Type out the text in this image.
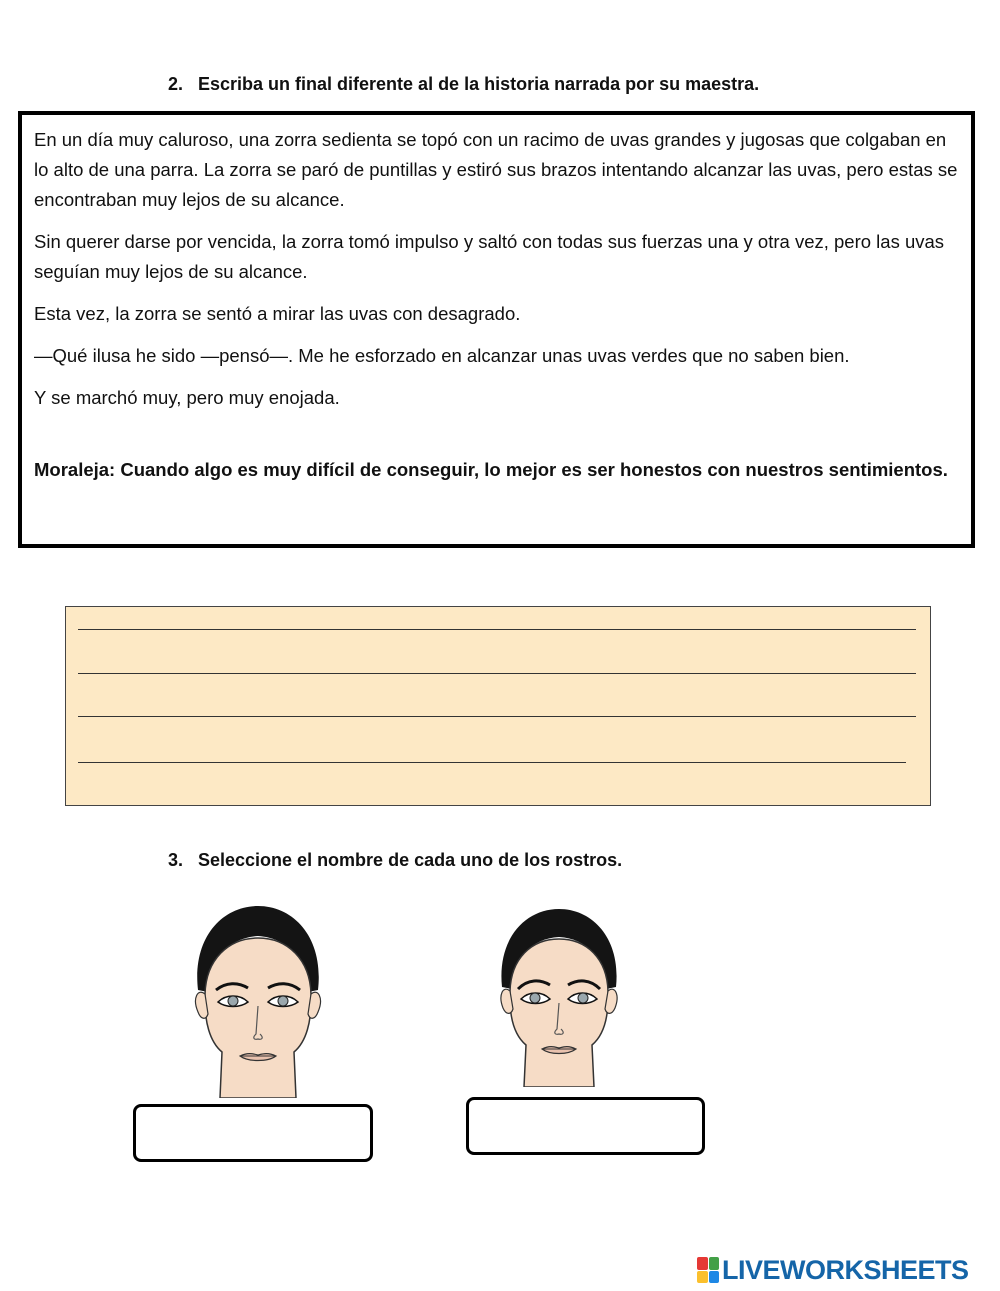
2. Escriba un final diferente al de la historia narrada por su maestra.

En un día muy caluroso, una zorra sedienta se topó con un racimo de uvas grandes y jugosas que colgaban en lo alto de una parra. La zorra se paró de puntillas y estiró sus brazos intentando alcanzar las uvas, pero estas se encontraban muy lejos de su alcance.

Sin querer darse por vencida, la zorra tomó impulso y saltó con todas sus fuerzas una y otra vez, pero las uvas seguían muy lejos de su alcance.

Esta vez, la zorra se sentó a mirar las uvas con desagrado.

—Qué ilusa he sido —pensó—. Me he esforzado en alcanzar unas uvas verdes que no saben bien.

Y se marchó muy, pero muy enojada.

Moraleja: Cuando algo es muy difícil de conseguir, lo mejor es ser honestos con nuestros sentimientos.

3. Seleccione el nombre de cada uno de los rostros.
LIVEWORKSHEETS
